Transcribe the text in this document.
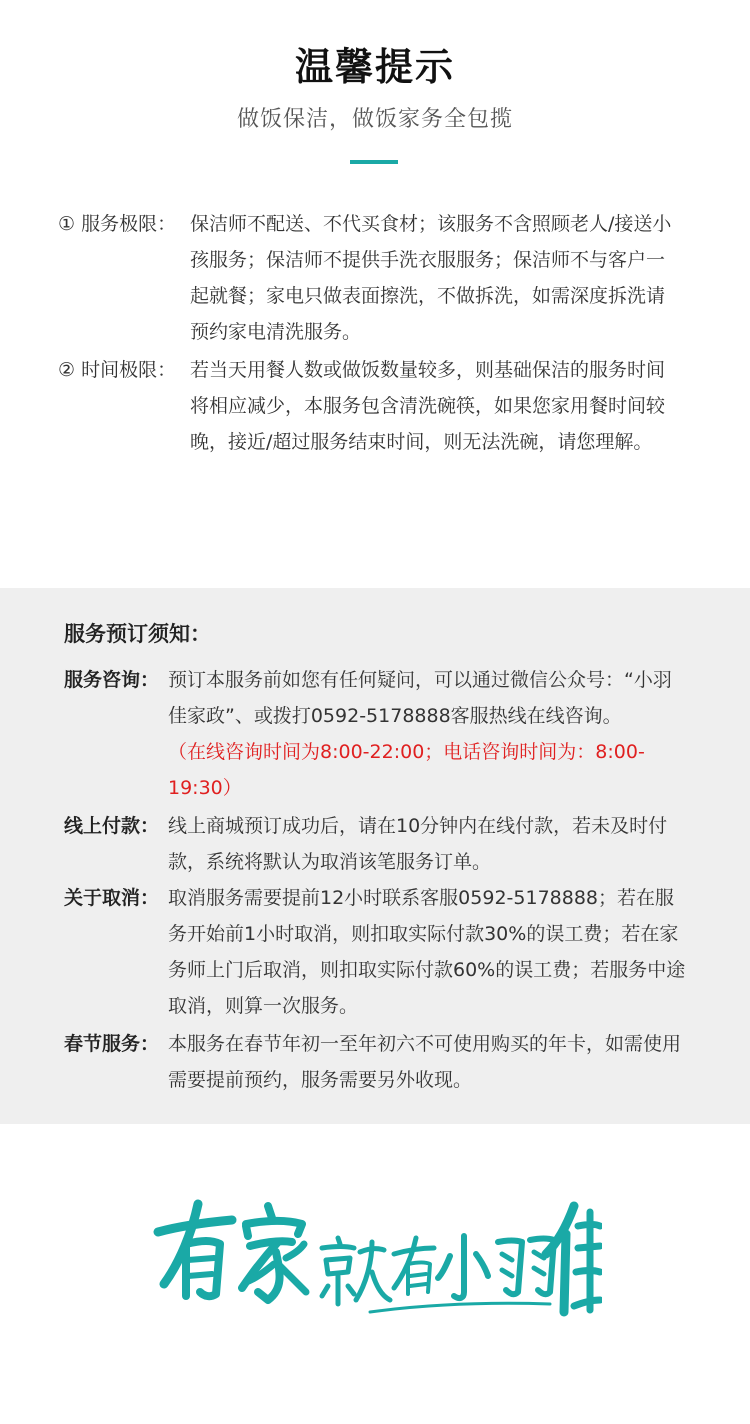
温馨提示
做饭保洁，做饭家务全包揽
① 服务极限： 保洁师不配送、不代买食材；该服务不含照顾老人/接送小孩服务；保洁师不提供手洗衣服服务；保洁师不与客户一起就餐；家电只做表面擦洗，不做拆洗，如需深度拆洗请预约家电清洗服务。
② 时间极限： 若当天用餐人数或做饭数量较多，则基础保洁的服务时间将相应减少，本服务包含清洗碗筷，如果您家用餐时间较晚，接近/超过服务结束时间，则无法洗碗，请您理解。
服务预订须知：
服务咨询： 预订本服务前如您有任何疑问，可以通过微信公众号：“小羽佳家政”、或拨打0592-5178888客服热线在线咨询。
（在线咨询时间为8:00-22:00；电话咨询时间为：8:00-19:30）
线上付款： 线上商城预订成功后，请在10分钟内在线付款，若未及时付款，系统将默认为取消该笔服务订单。
关于取消： 取消服务需要提前12小时联系客服0592-5178888；若在服务开始前1小时取消，则扣取实际付款30%的误工费；若在家务师上门后取消，则扣取实际付款60%的误工费；若服务中途取消，则算一次服务。
春节服务： 本服务在春节年初一至年初六不可使用购买的年卡，如需使用需要提前预约，服务需要另外收现。
